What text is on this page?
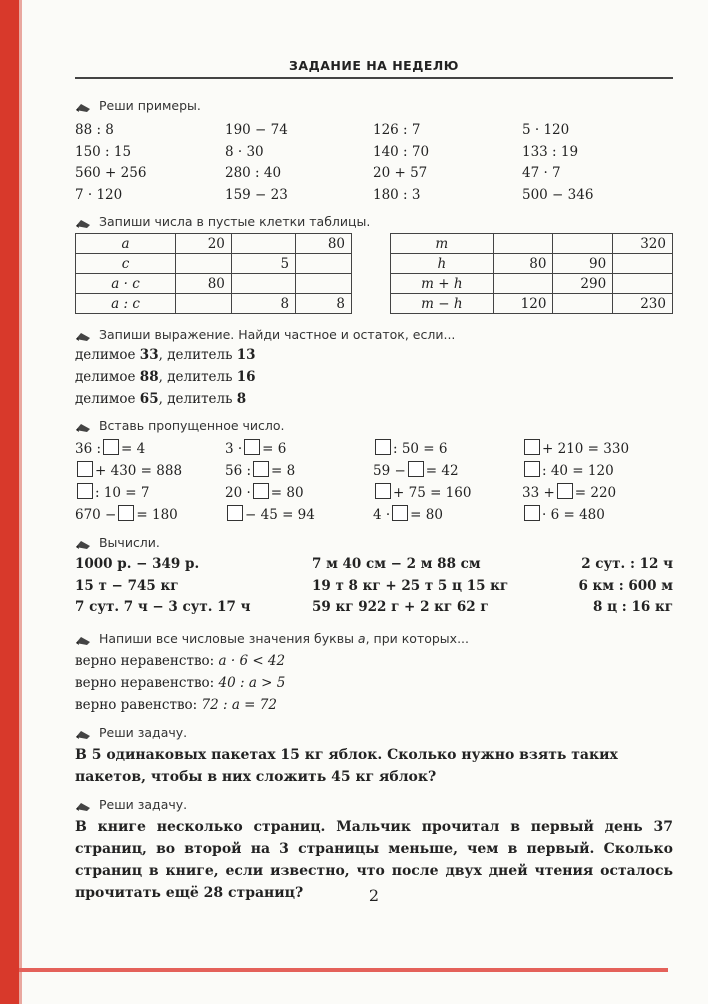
ЗАДАНИЕ НА НЕДЕЛЮ
Реши примеры.
88 : 8	190 − 74	126 : 7	5 · 120
150 : 15	8 · 30	140 : 70	133 : 19
560 + 256	280 : 40	20 + 57	47 · 7
7 · 120	159 − 23	180 : 3	500 − 346
Запиши числа в пустые клетки таблицы.
a	20		80
c		5	
a · c	80		
a : c		8	8
m			320
h	80	90	
m + h		290	
m − h	120		230
Запиши выражение. Найди частное и остаток, если...
делимое 33, делитель 13
делимое 88, делитель 16
делимое 65, делитель 8
Вставь пропущенное число.
36 : = 4	3 · = 6	: 50 = 6	+ 210 = 330
+ 430 = 888	56 : = 8	59 − = 42	: 40 = 120
: 10 = 7	20 · = 80	+ 75 = 160	33 + = 220
670 − = 180	− 45 = 94	4 · = 80	· 6 = 480
Вычисли.
1000 р. − 349 р.	7 м 40 см − 2 м 88 см	2 сут. : 12 ч
15 т − 745 кг	19 т 8 кг + 25 т 5 ц 15 кг	6 км : 600 м
7 сут. 7 ч − 3 сут. 17 ч	59 кг 922 г + 2 кг 62 г	8 ц : 16 кг
Напиши все числовые значения буквы a, при которых...
верно неравенство: a · 6 < 42
верно неравенство: 40 : a > 5
верно равенство: 72 : a = 72
Реши задачу.
В 5 одинаковых пакетах 15 кг яблок. Сколько нужно взять таких пакетов, чтобы в них сложить 45 кг яблок?
Реши задачу.
В книге несколько страниц. Мальчик прочитал в первый день 37 страниц, во второй на 3 страницы меньше, чем в первый. Сколько страниц в книге, если известно, что после двух дней чтения осталось прочитать ещё 28 страниц?	2
